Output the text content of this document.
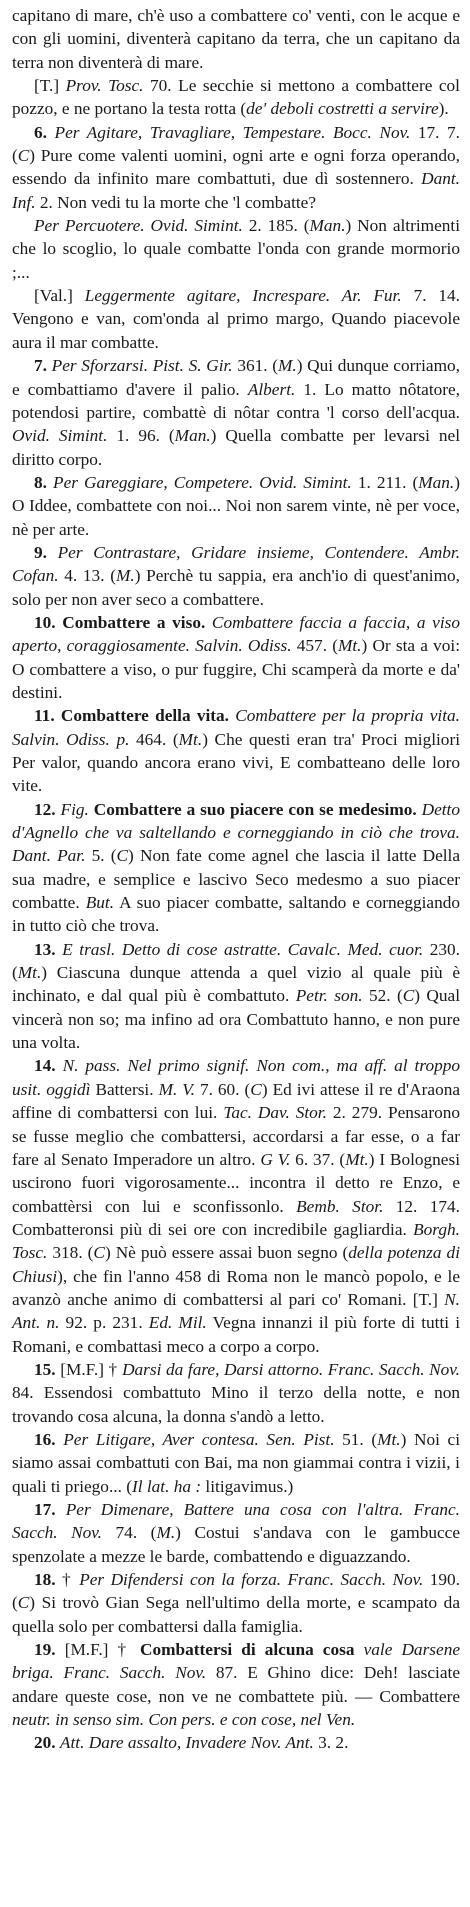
capitano di mare, ch'è uso a combattere co' venti, con le acque e con gli uomini, diventerà capitano da terra, che un capitano da terra non diventerà di mare.

[T.] Prov. Tosc. 70. Le secchie si mettono a combattere col pozzo, e ne portano la testa rotta (de' deboli costretti a servire).

6. Per Agitare, Travagliare, Tempestare. Bocc. Nov. 17. 7. (C) Pure come valenti uomini, ogni arte e ogni forza operando, essendo da infinito mare combattuti, due dì sostennero. Dant. Inf. 2. Non vedi tu la morte che 'l combatte?

Per Percuotere. Ovid. Simint. 2. 185. (Man.) Non altrimenti che lo scoglio, lo quale combatte l'onda con grande mormorio ;...

[Val.] Leggermente agitare, Increspare. Ar. Fur. 7. 14. Vengono e van, com'onda al primo margo, Quando piacevole aura il mar combatte.

7. Per Sforzarsi. Pist. S. Gir. 361. (M.) Qui dunque corriamo, e combattiamo d'avere il palio. Albert. 1. Lo matto nôtatore, potendosi partire, combattè di nôtar contra 'l corso dell'acqua. Ovid. Simint. 1. 96. (Man.) Quella combatte per levarsi nel diritto corpo.

8. Per Gareggiare, Competere. Ovid. Simint. 1. 211. (Man.) O Iddee, combattete con noi... Noi non sarem vinte, nè per voce, nè per arte.

9. Per Contrastare, Gridare insieme, Contendere. Ambr. Cofan. 4. 13. (M.) Perchè tu sappia, era anch'io di quest'animo, solo per non aver seco a combattere.

10. Combattere a viso. Combattere faccia a faccia, a viso aperto, coraggiosamente. Salvin. Odiss. 457. (Mt.) Or sta a voi: O combattere a viso, o pur fuggire, Chi scamperà da morte e da' destini.

11. Combattere della vita. Combattere per la propria vita. Salvin. Odiss. p. 464. (Mt.) Che questi eran tra' Proci migliori Per valor, quando ancora erano vivi, E combatteano delle loro vite.

12. Fig. Combattere a suo piacere con se medesimo. Detto d'Agnello che va saltellando e corneggiando in ciò che trova. Dant. Par. 5. (C) Non fate come agnel che lascia il latte Della sua madre, e semplice e lascivo Seco medesmo a suo piacer combatte. But. A suo piacer combatte, saltando e corneggiando in tutto ciò che trova.

13. E trasl. Detto di cose astratte. Cavalc. Med. cuor. 230. (Mt.) Ciascuna dunque attenda a quel vizio al quale più è inchinato, e dal qual più è combattuto. Petr. son. 52. (C) Qual vincerà non so; ma infino ad ora Combattuto hanno, e non pure una volta.

14. N. pass. Nel primo signif. Non com., ma aff. al troppo usit. oggidì Battersi. M. V. 7. 60. (C) Ed ivi attese il re d'Araona affine di combattersi con lui. Tac. Dav. Stor. 2. 279. Pensarono se fusse meglio che combattersi, accordarsi a far esse, o a far fare al Senato Imperadore un altro. G V. 6. 37. (Mt.) I Bolognesi uscirono fuori vigorosamente... incontra il detto re Enzo, e combattèrsi con lui e sconfissonlo. Bemb. Stor. 12. 174. Combatteronsi più di sei ore con incredibile gagliardia. Borgh. Tosc. 318. (C) Nè può essere assai buon segno (della potenza di Chiusi), che fin l'anno 458 di Roma non le mancò popolo, e le avanzò anche animo di combattersi al pari co' Romani. [T.] N. Ant. n. 92. p. 231. Ed. Mil. Vegna innanzi il più forte di tutti i Romani, e combattasi meco a corpo a corpo.

15. [M.F.] † Darsi da fare, Darsi attorno. Franc. Sacch. Nov. 84. Essendosi combattuto Mino il terzo della notte, e non trovando cosa alcuna, la donna s'andò a letto.

16. Per Litigare, Aver contesa. Sen. Pist. 51. (Mt.) Noi ci siamo assai combattuti con Bai, ma non giammai contra i vizii, i quali ti priego... (Il lat. ha : litigavimus.)

17. Per Dimenare, Battere una cosa con l'altra. Franc. Sacch. Nov. 74. (M.) Costui s'andava con le gambucce spenzolate a mezze le barde, combattendo e diguazzando.

18. † Per Difendersi con la forza. Franc. Sacch. Nov. 190. (C) Si trovò Gian Sega nell'ultimo della morte, e scampato da quella solo per combattersi dalla famiglia.

19. [M.F.] † Combattersi di alcuna cosa vale Darsene briga. Franc. Sacch. Nov. 87. E Ghino dice: Deh! lasciate andare queste cose, non ve ne combattete più. — Combattere neutr. in senso sim. Con pers. e con cose, nel Ven.

20. Att. Dare assalto, Invadere Nov. Ant. 3. 2.
